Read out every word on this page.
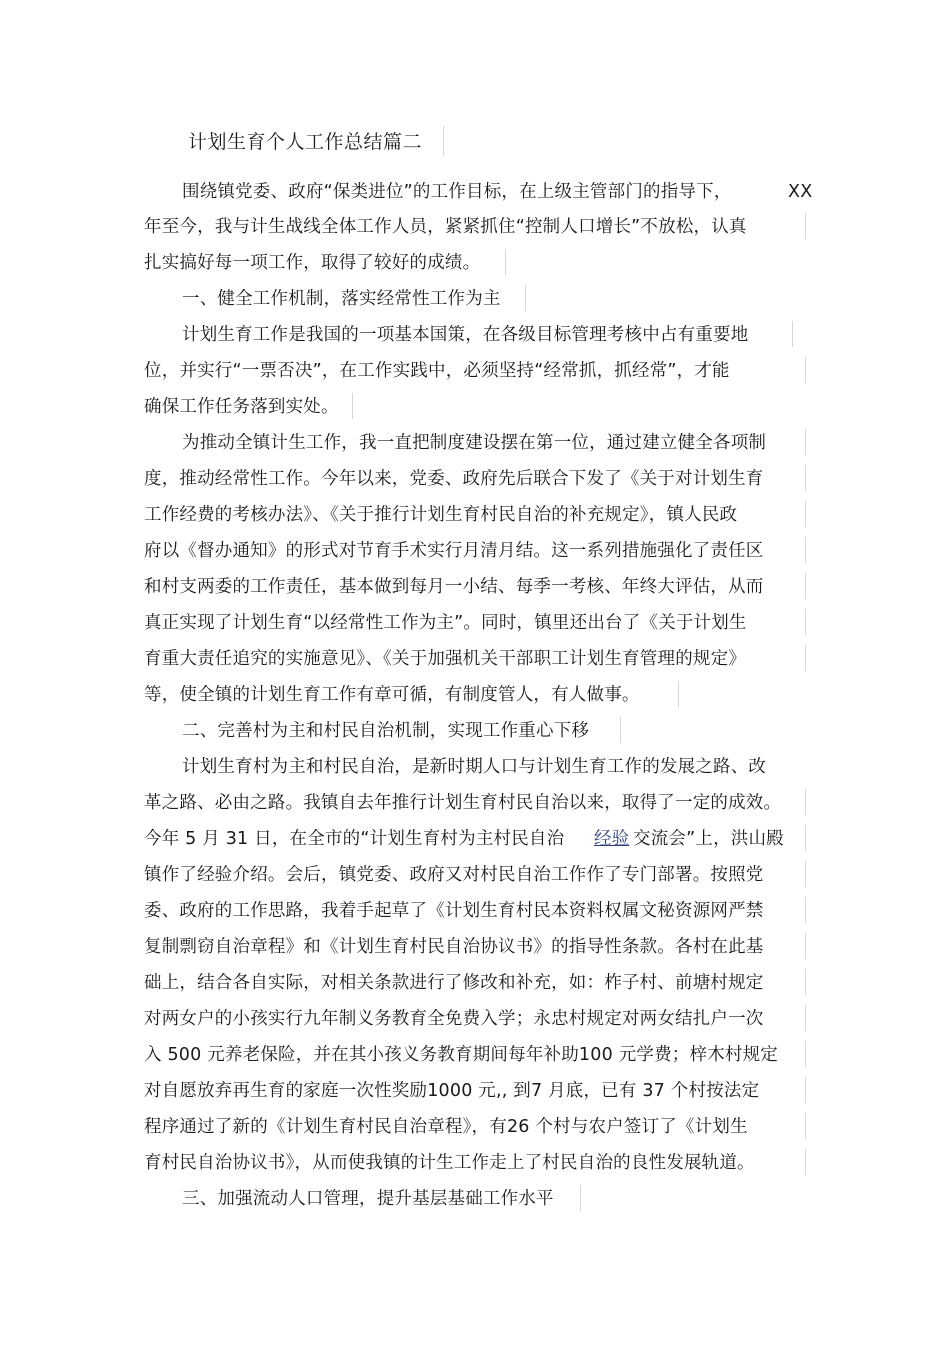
计划生育个人工作总结篇二
围绕镇党委、政府“保类进位”的工作目标，在上级主管部门的指导下，	XX
年至今，我与计生战线全体工作人员，紧紧抓住“控制人口增长”不放松，认真
扎实搞好每一项工作，取得了较好的成绩。
一、健全工作机制，落实经常性工作为主
计划生育工作是我国的一项基本国策，在各级目标管理考核中占有重要地
位，并实行“一票否决”，在工作实践中，必须坚持“经常抓，抓经常”，才能
确保工作任务落到实处。
为推动全镇计生工作，我一直把制度建设摆在第一位，通过建立健全各项制
度，推动经常性工作。今年以来，党委、政府先后联合下发了《关于对计划生育
工作经费的考核办法》、《关于推行计划生育村民自治的补充规定》，镇人民政
府以《督办通知》的形式对节育手术实行月清月结。这一系列措施强化了责任区
和村支两委的工作责任，基本做到每月一小结、每季一考核、年终大评估，从而
真正实现了计划生育“以经常性工作为主”。同时，镇里还出台了《关于计划生
育重大责任追究的实施意见》、《关于加强机关干部职工计划生育管理的规定》
等，使全镇的计划生育工作有章可循，有制度管人，有人做事。
二、完善村为主和村民自治机制，实现工作重心下移
计划生育村为主和村民自治，是新时期人口与计划生育工作的发展之路、改
革之路、必由之路。我镇自去年推行计划生育村民自治以来，取得了一定的成效。
今年 5 月 31 日，在全市的“计划生育村为主村民自治 经验 交流会”上，洪山殿
镇作了经验介绍。会后，镇党委、政府又对村民自治工作作了专门部署。按照党
委、政府的工作思路，我着手起草了《计划生育村民本资料权属文秘资源网严禁
复制剽窃自治章程》和《计划生育村民自治协议书》的指导性条款。各村在此基
础上，结合各自实际，对相关条款进行了修改和补充，如：柞子村、前塘村规定
对两女户的小孩实行九年制义务教育全免费入学；永忠村规定对两女结扎户一次
入 500 元养老保险，并在其小孩义务教育期间每年补助100 元学费；梓木村规定
对自愿放弃再生育的家庭一次性奖励1000 元,, 到7 月底，已有 37 个村按法定
程序通过了新的《计划生育村民自治章程》，有26 个村与农户签订了《计划生
育村民自治协议书》，从而使我镇的计生工作走上了村民自治的良性发展轨道。
三、加强流动人口管理，提升基层基础工作水平
